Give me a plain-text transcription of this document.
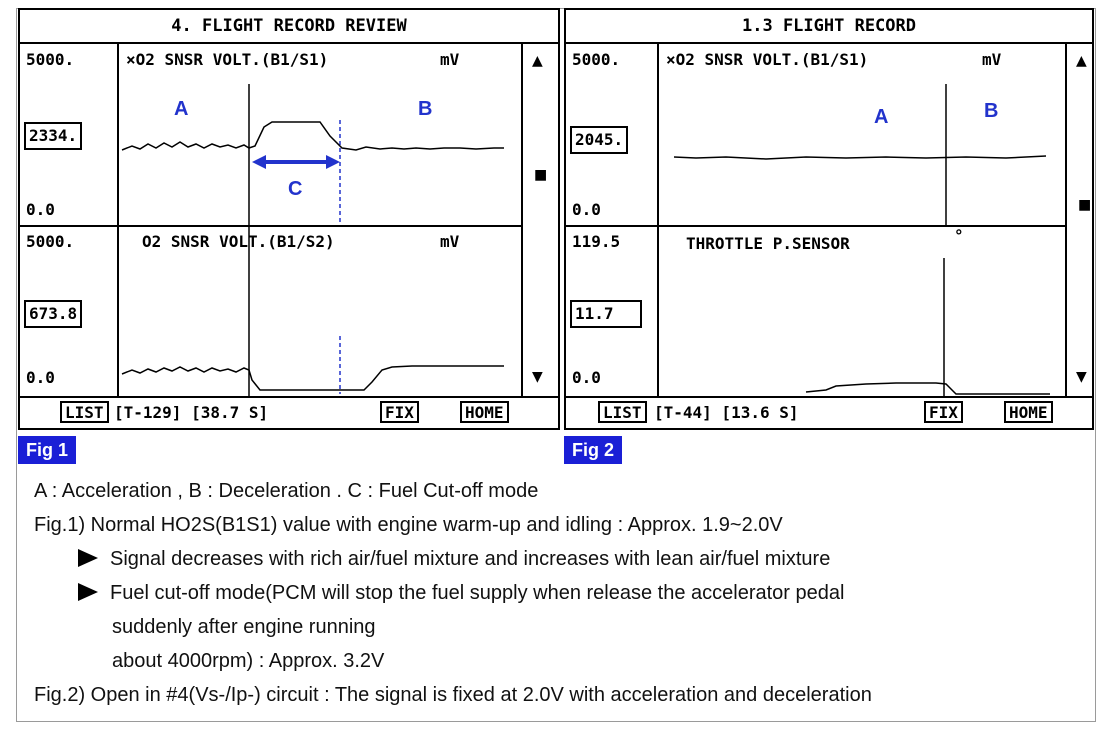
4. FLIGHT RECORD REVIEW
5000.
2334.
0.0
5000.
673.8
0.0
×O2 SNSR VOLT.(B1/S1)	mV
O2 SNSR VOLT.(B1/S2)	mV
A	B
C
▲
■
▼
LIST [T-129] [38.7 S]	FIX	HOME
1.3 FLIGHT RECORD
5000.
2045.
0.0
119.5
11.7
0.0
×O2 SNSR VOLT.(B1/S1)	mV
THROTTLE P.SENSOR	°
A	B
▲
■
▼
LIST [T-44] [13.6 S]	FIX	HOME
Fig 1	Fig 2
A : Acceleration , B : Deceleration . C : Fuel Cut-off mode
Fig.1) Normal HO2S(B1S1) value with engine warm-up and idling : Approx. 1.9~2.0V
Signal decreases with rich air/fuel mixture and increases with lean air/fuel mixture
Fuel cut-off mode(PCM will stop the fuel supply when release the accelerator pedal
suddenly after engine running
about 4000rpm) : Approx. 3.2V
Fig.2) Open in #4(Vs-/Ip-) circuit : The signal is fixed at 2.0V with acceleration and deceleration
